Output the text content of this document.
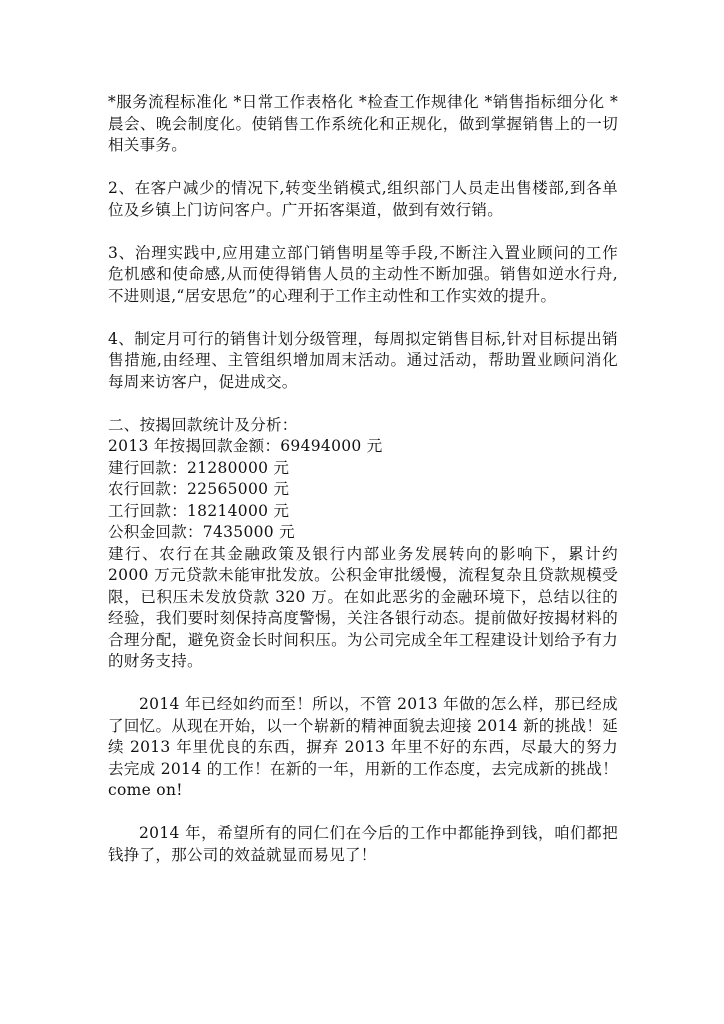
*服务流程标准化 *日常工作表格化 *检查工作规律化 *销售指标细分化 *晨会、晚会制度化。使销售工作系统化和正规化，做到掌握销售上的一切相关事务。

2、在客户减少的情况下,转变坐销模式,组织部门人员走出售楼部,到各单位及乡镇上门访问客户。广开拓客渠道，做到有效行销。

3、治理实践中,应用建立部门销售明星等手段,不断注入置业顾问的工作危机感和使命感,从而使得销售人员的主动性不断加强。销售如逆水行舟,不进则退,“居安思危”的心理利于工作主动性和工作实效的提升。

4、制定月可行的销售计划分级管理，每周拟定销售目标,针对目标提出销售措施,由经理、主管组织增加周末活动。通过活动，帮助置业顾问消化每周来访客户，促进成交。

二、按揭回款统计及分析：

2013 年按揭回款金额：69494000 元

建行回款：21280000 元

农行回款：22565000 元

工行回款：18214000 元

公积金回款：7435000 元

建行、农行在其金融政策及银行内部业务发展转向的影响下，累计约 2000 万元贷款未能审批发放。公积金审批缓慢，流程复杂且贷款规模受限，已积压未发放贷款 320 万。在如此恶劣的金融环境下，总结以往的经验，我们要时刻保持高度警惕，关注各银行动态。提前做好按揭材料的合理分配，避免资金长时间积压。为公司完成全年工程建设计划给予有力的财务支持。

2014 年已经如约而至！所以，不管 2013 年做的怎么样，那已经成了回忆。从现在开始，以一个崭新的精神面貌去迎接 2014 新的挑战！延续 2013 年里优良的东西，摒弃 2013 年里不好的东西，尽最大的努力去完成 2014 的工作！在新的一年，用新的工作态度，去完成新的挑战！come on!

2014 年，希望所有的同仁们在今后的工作中都能挣到钱，咱们都把钱挣了，那公司的效益就显而易见了！
